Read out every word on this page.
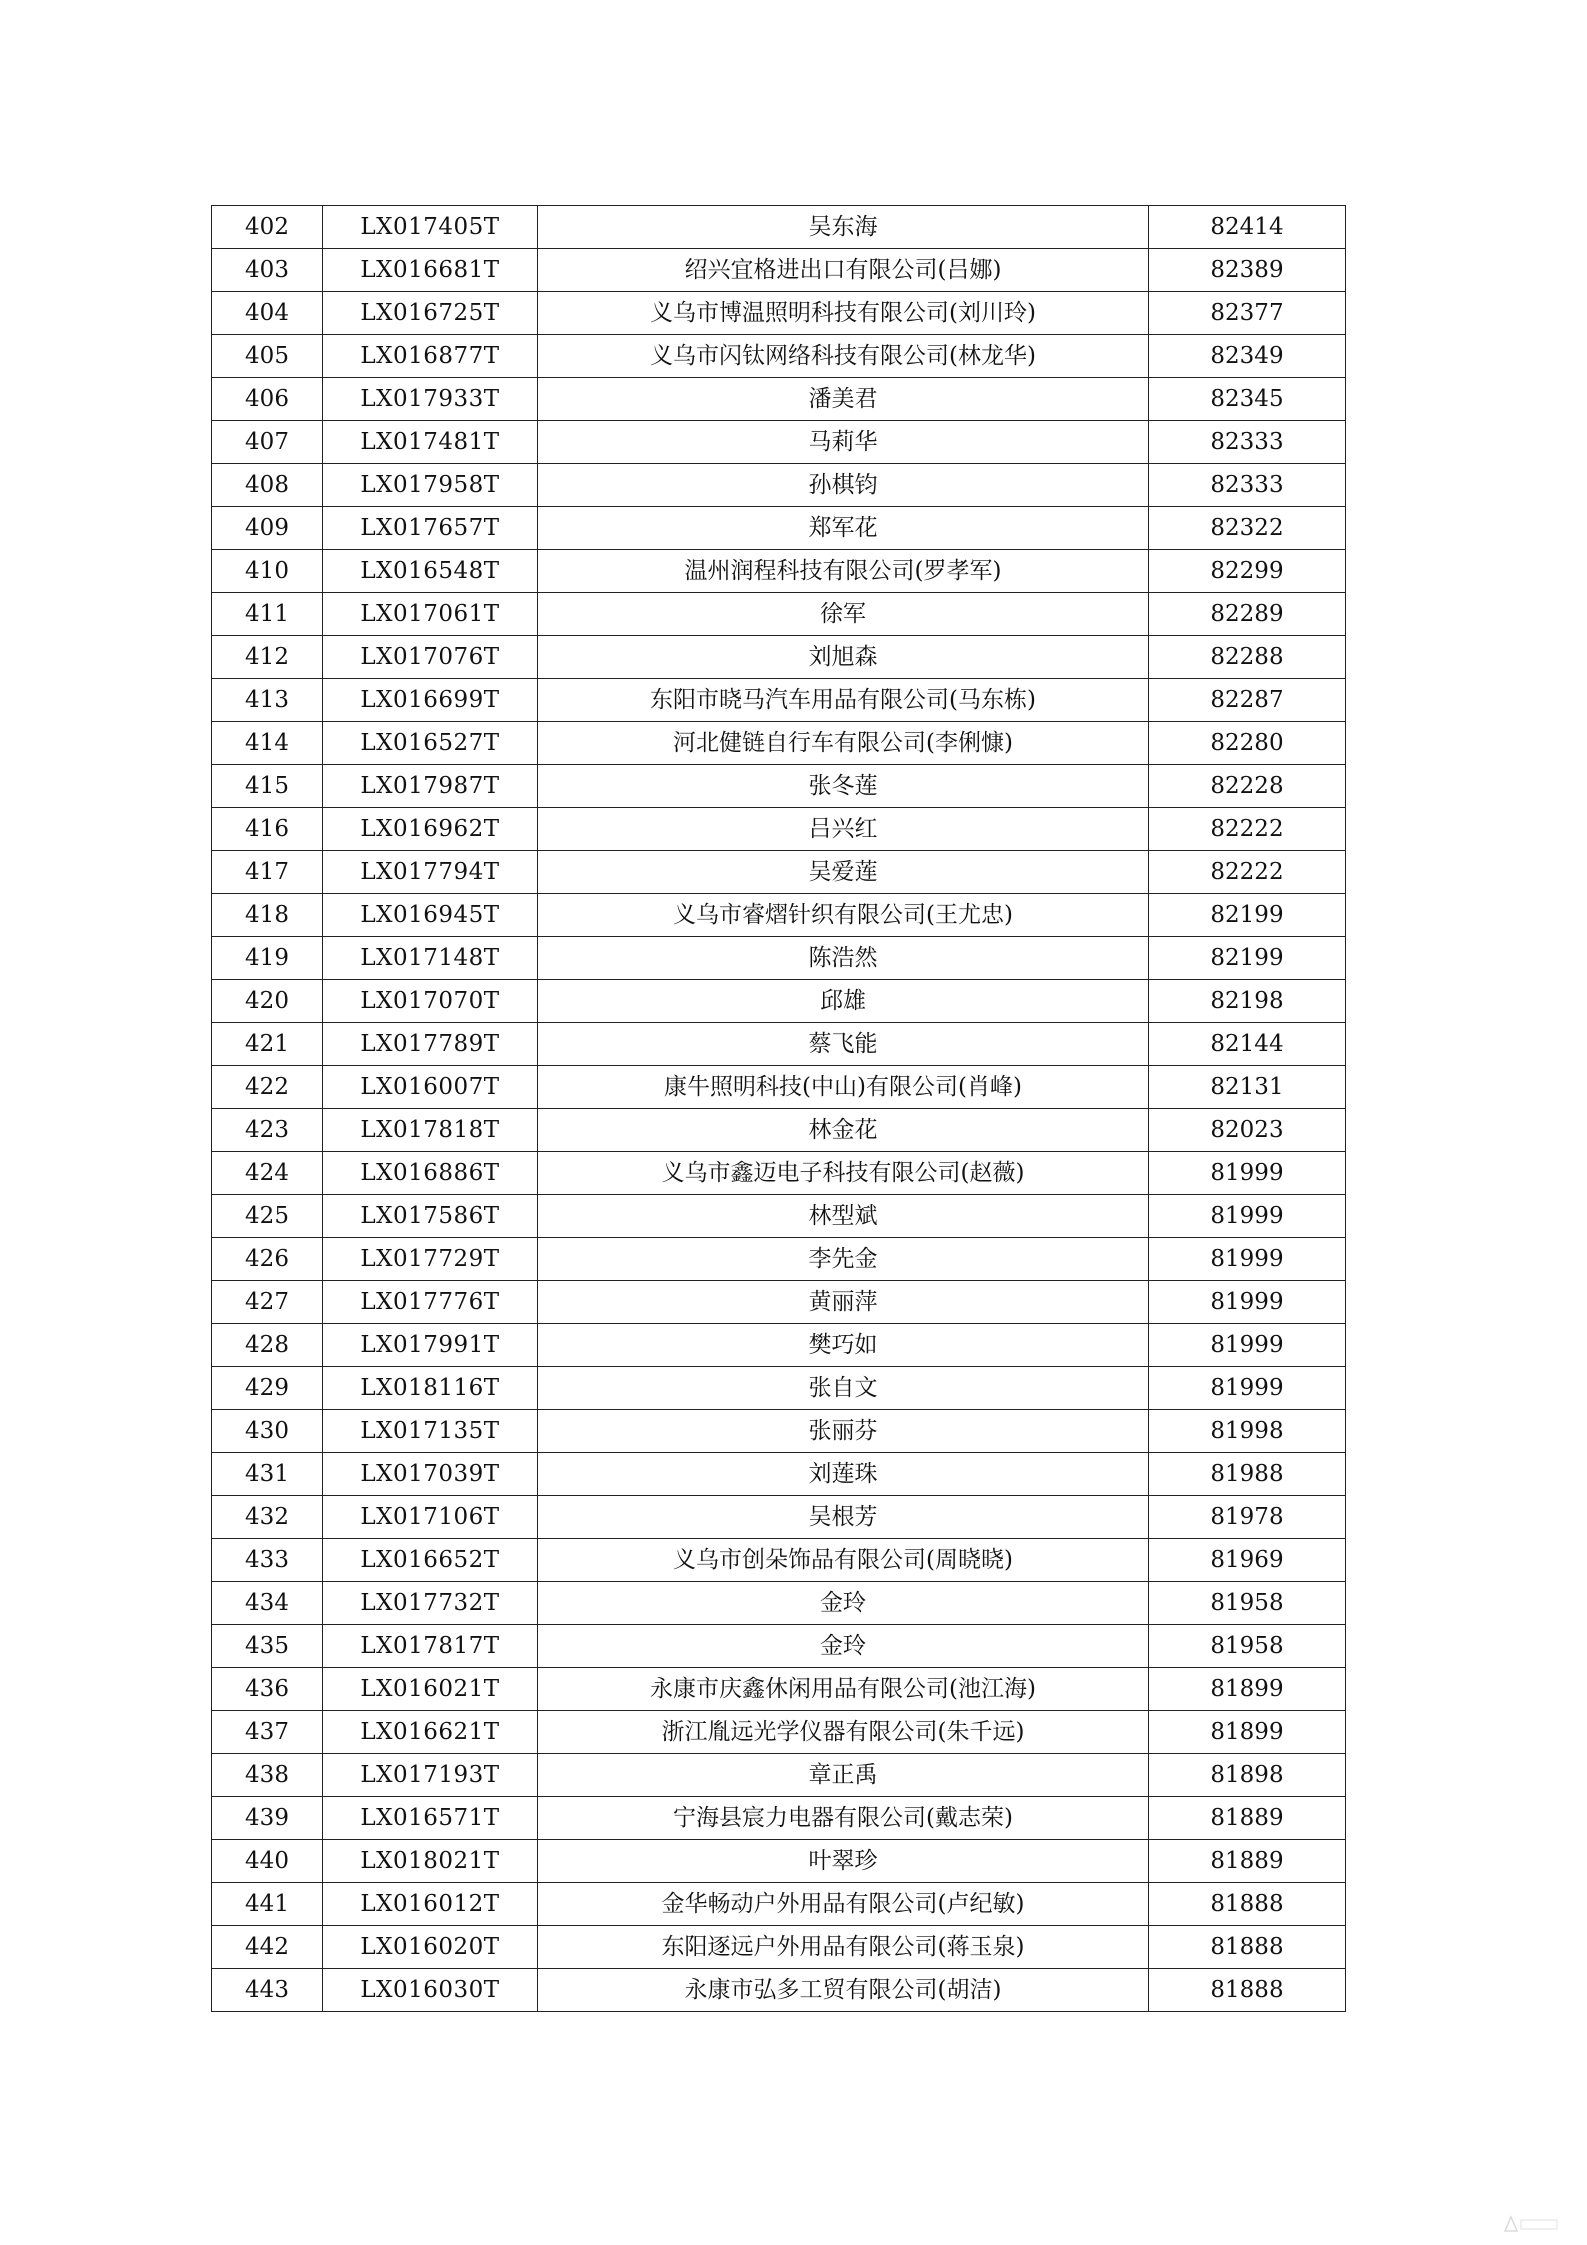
402	LX017405T	吴东海	82414
403	LX016681T	绍兴宜格进出口有限公司(吕娜)	82389
404	LX016725T	义乌市博温照明科技有限公司(刘川玲)	82377
405	LX016877T	义乌市闪钛网络科技有限公司(林龙华)	82349
406	LX017933T	潘美君	82345
407	LX017481T	马莉华	82333
408	LX017958T	孙棋钧	82333
409	LX017657T	郑军花	82322
410	LX016548T	温州润程科技有限公司(罗孝军)	82299
411	LX017061T	徐军	82289
412	LX017076T	刘旭森	82288
413	LX016699T	东阳市晓马汽车用品有限公司(马东栋)	82287
414	LX016527T	河北健链自行车有限公司(李俐慷)	82280
415	LX017987T	张冬莲	82228
416	LX016962T	吕兴红	82222
417	LX017794T	吴爱莲	82222
418	LX016945T	义乌市睿熠针织有限公司(王尤忠)	82199
419	LX017148T	陈浩然	82199
420	LX017070T	邱雄	82198
421	LX017789T	蔡飞能	82144
422	LX016007T	康牛照明科技(中山)有限公司(肖峰)	82131
423	LX017818T	林金花	82023
424	LX016886T	义乌市鑫迈电子科技有限公司(赵薇)	81999
425	LX017586T	林型斌	81999
426	LX017729T	李先金	81999
427	LX017776T	黄丽萍	81999
428	LX017991T	樊巧如	81999
429	LX018116T	张自文	81999
430	LX017135T	张丽芬	81998
431	LX017039T	刘莲珠	81988
432	LX017106T	吴根芳	81978
433	LX016652T	义乌市创朵饰品有限公司(周晓晓)	81969
434	LX017732T	金玲	81958
435	LX017817T	金玲	81958
436	LX016021T	永康市庆鑫休闲用品有限公司(池江海)	81899
437	LX016621T	浙江胤远光学仪器有限公司(朱千远)	81899
438	LX017193T	章正禹	81898
439	LX016571T	宁海县宸力电器有限公司(戴志荣)	81889
440	LX018021T	叶翠珍	81889
441	LX016012T	金华畅动户外用品有限公司(卢纪敏)	81888
442	LX016020T	东阳逐远户外用品有限公司(蒋玉泉)	81888
443	LX016030T	永康市弘多工贸有限公司(胡洁)	81888
